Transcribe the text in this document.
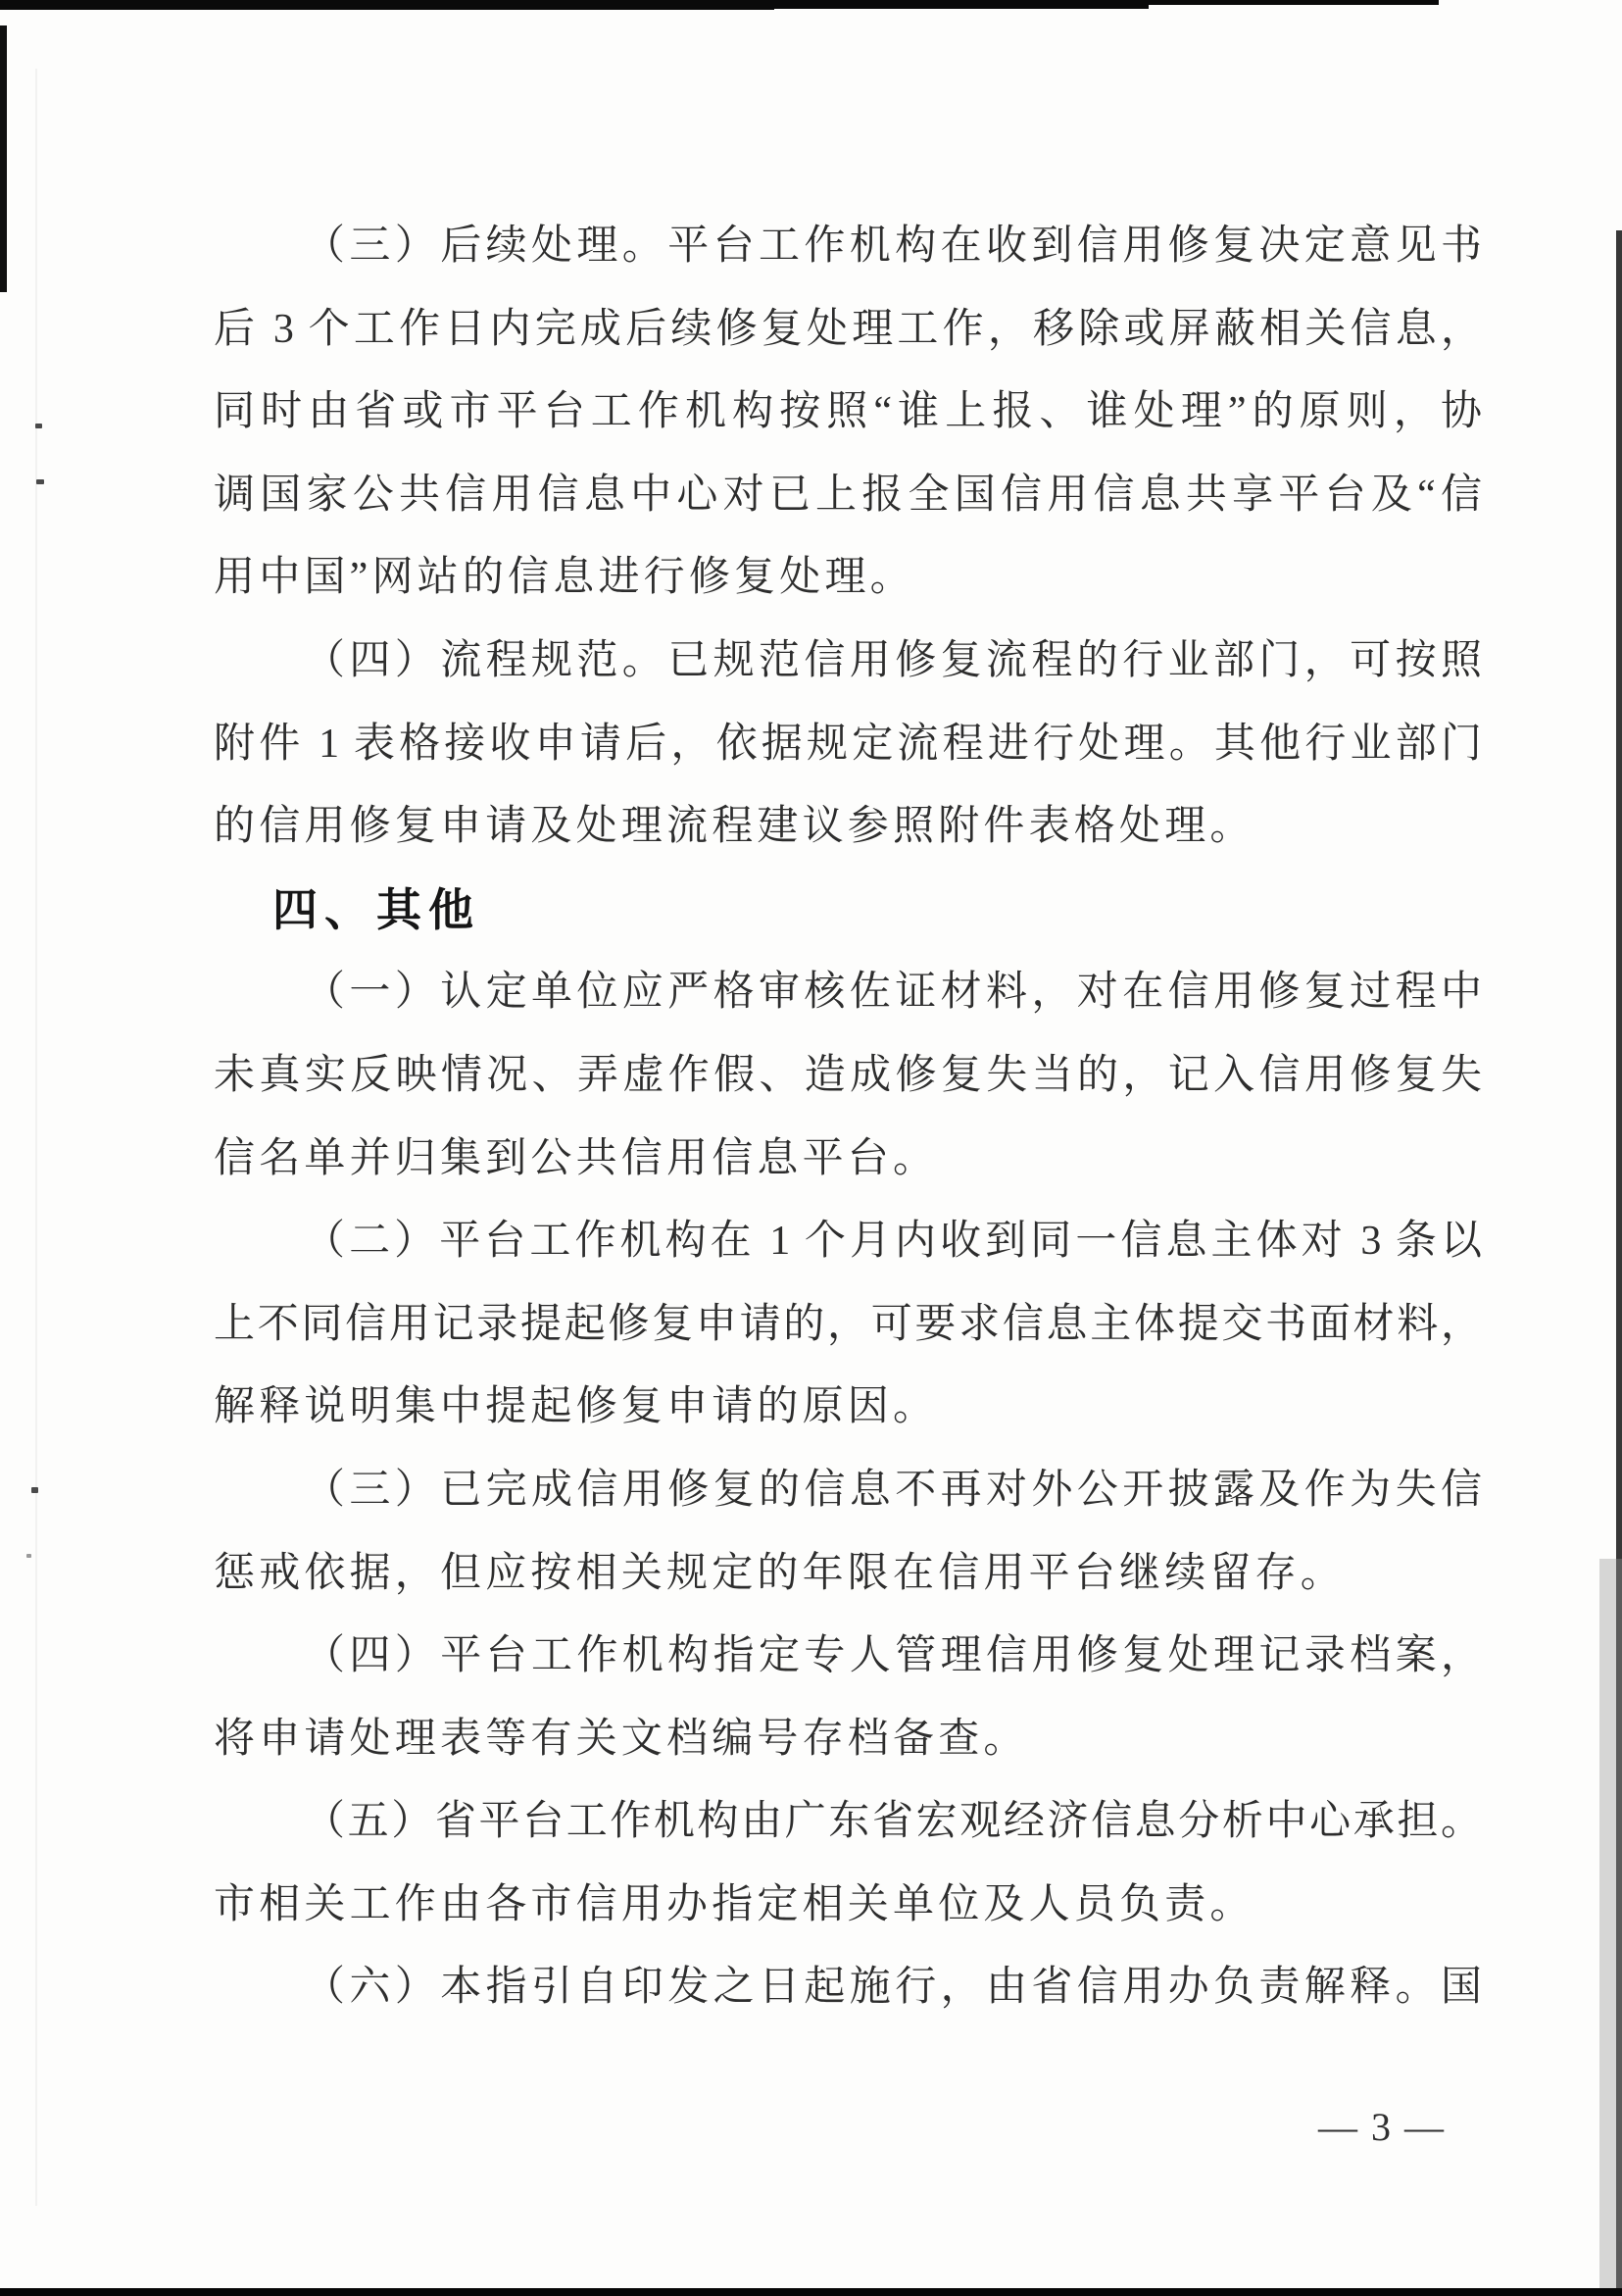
（三）后续处理。平台工作机构在收到信用修复决定意见书
后 3 个工作日内完成后续修复处理工作，移除或屏蔽相关信息，
同时由省或市平台工作机构按照“谁上报、谁处理”的原则，协
调国家公共信用信息中心对已上报全国信用信息共享平台及“信
用中国”网站的信息进行修复处理。
（四）流程规范。已规范信用修复流程的行业部门，可按照
附件 1 表格接收申请后，依据规定流程进行处理。其他行业部门
的信用修复申请及处理流程建议参照附件表格处理。
四、其他
（一）认定单位应严格审核佐证材料，对在信用修复过程中
未真实反映情况、弄虚作假、造成修复失当的，记入信用修复失
信名单并归集到公共信用信息平台。
（二）平台工作机构在 1 个月内收到同一信息主体对 3 条以
上不同信用记录提起修复申请的，可要求信息主体提交书面材料，
解释说明集中提起修复申请的原因。
（三）已完成信用修复的信息不再对外公开披露及作为失信
惩戒依据，但应按相关规定的年限在信用平台继续留存。
（四）平台工作机构指定专人管理信用修复处理记录档案，
将申请处理表等有关文档编号存档备查。
（五）省平台工作机构由广东省宏观经济信息分析中心承担。
市相关工作由各市信用办指定相关单位及人员负责。
（六）本指引自印发之日起施行，由省信用办负责解释。国
— 3 —
